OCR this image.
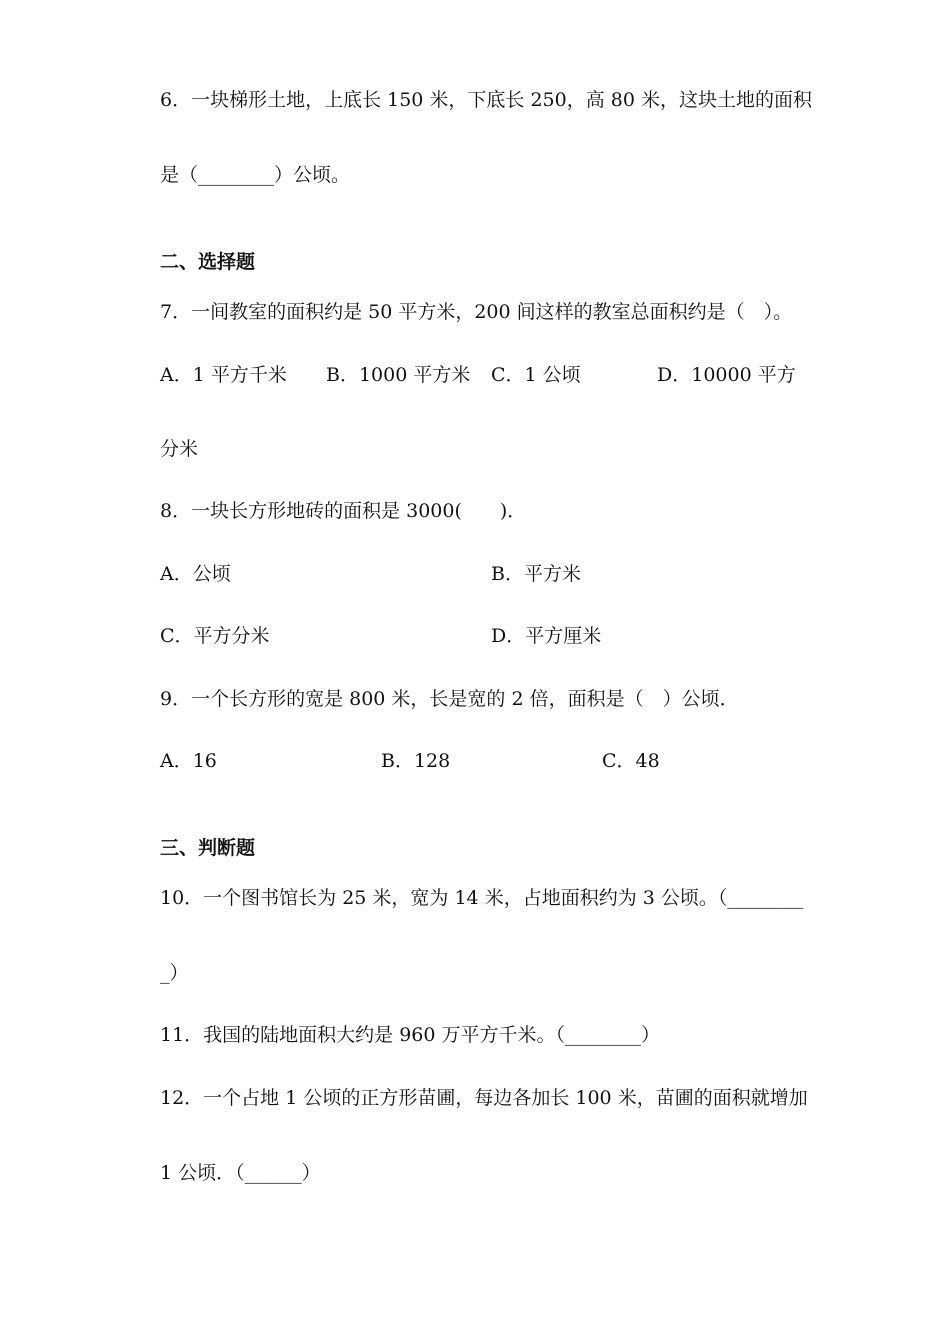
6．一块梯形土地，上底长 150 米，下底长 250，高 80 米，这块土地的面积
是（________）公顷。
二、选择题
7．一间教室的面积约是 50 平方米，200 间这样的教室总面积约是（　）。
A．1 平方千米 B．1000 平方米 C．1 公顷	D．10000 平方
分米
8．一块长方形地砖的面积是 3000(　　)．
A．公顷	B．平方米
C．平方分米	D．平方厘米
9．一个长方形的宽是 800 米，长是宽的 2 倍，面积是（　）公顷．
A．16	B．128	C．48
三、判断题
10．一个图书馆长为 25 米，宽为 14 米，占地面积约为 3 公顷。（________
_）
11．我国的陆地面积大约是 960 万平方千米。（________）
12．一个占地 1 公顷的正方形苗圃，每边各加长 100 米，苗圃的面积就增加
1 公顷．（______）
